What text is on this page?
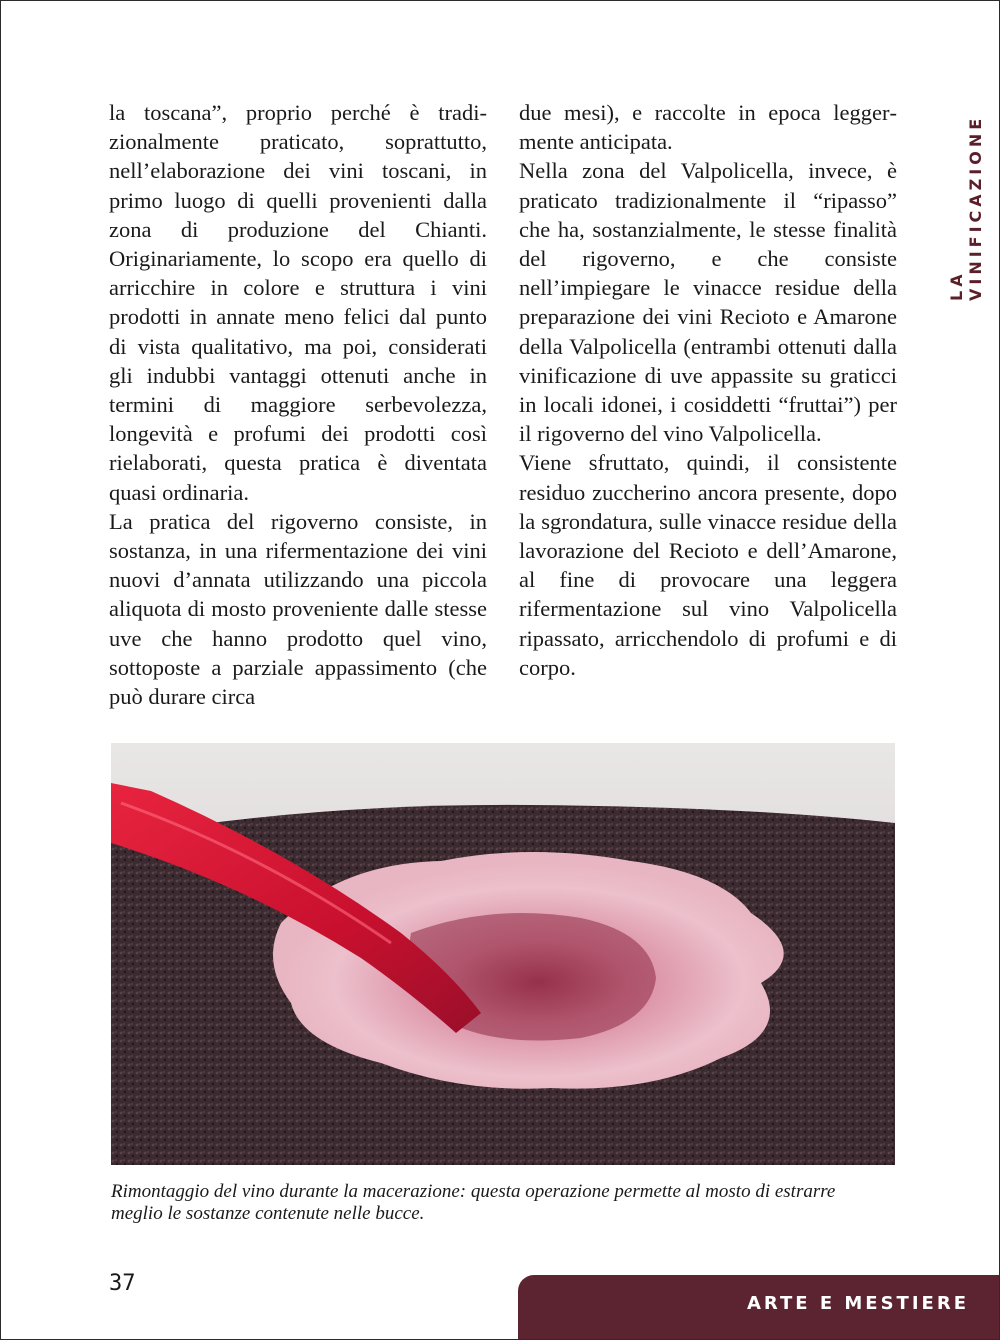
LA VINIFICAZIONE

la toscana”, proprio perché è tradizionalmente praticato, soprattutto, nell’elaborazione dei vini toscani, in primo luogo di quelli provenienti dalla zona di produzione del Chianti. Originariamente, lo scopo era quello di arricchire in colore e struttura i vini prodotti in annate meno felici dal punto di vista qualitativo, ma poi, considerati gli indubbi vantaggi ottenuti anche in termini di maggiore serbevolezza, longevità e profumi dei prodotti così rielaborati, questa pratica è diventata quasi ordinaria.

La pratica del rigoverno consiste, in sostanza, in una rifermentazione dei vini nuovi d’annata utilizzando una piccola aliquota di mosto proveniente dalle stesse uve che hanno prodotto quel vino, sottoposte a parziale appassimento (che può durare circa

due mesi), e raccolte in epoca leggermente anticipata.

Nella zona del Valpolicella, invece, è praticato tradizionalmente il “ripasso” che ha, sostanzialmente, le stesse finalità del rigoverno, e che consiste nell’impiegare le vinacce residue della preparazione dei vini Recioto e Amarone della Valpolicella (entrambi ottenuti dalla vinificazione di uve appassite su graticci in locali idonei, i cosiddetti “fruttai”) per il rigoverno del vino Valpolicella.

Viene sfruttato, quindi, il consistente residuo zuccherino ancora presente, dopo la sgrondatura, sulle vinacce residue della lavorazione del Recioto e dell’Amarone, al fine di provocare una leggera rifermentazione sul vino Valpolicella ripassato, arricchendolo di profumi e di corpo.

Rimontaggio del vino durante la macerazione: questa operazione permette al mosto di estrarre meglio le sostanze contenute nelle bucce.
37
ARTE E MESTIERE
